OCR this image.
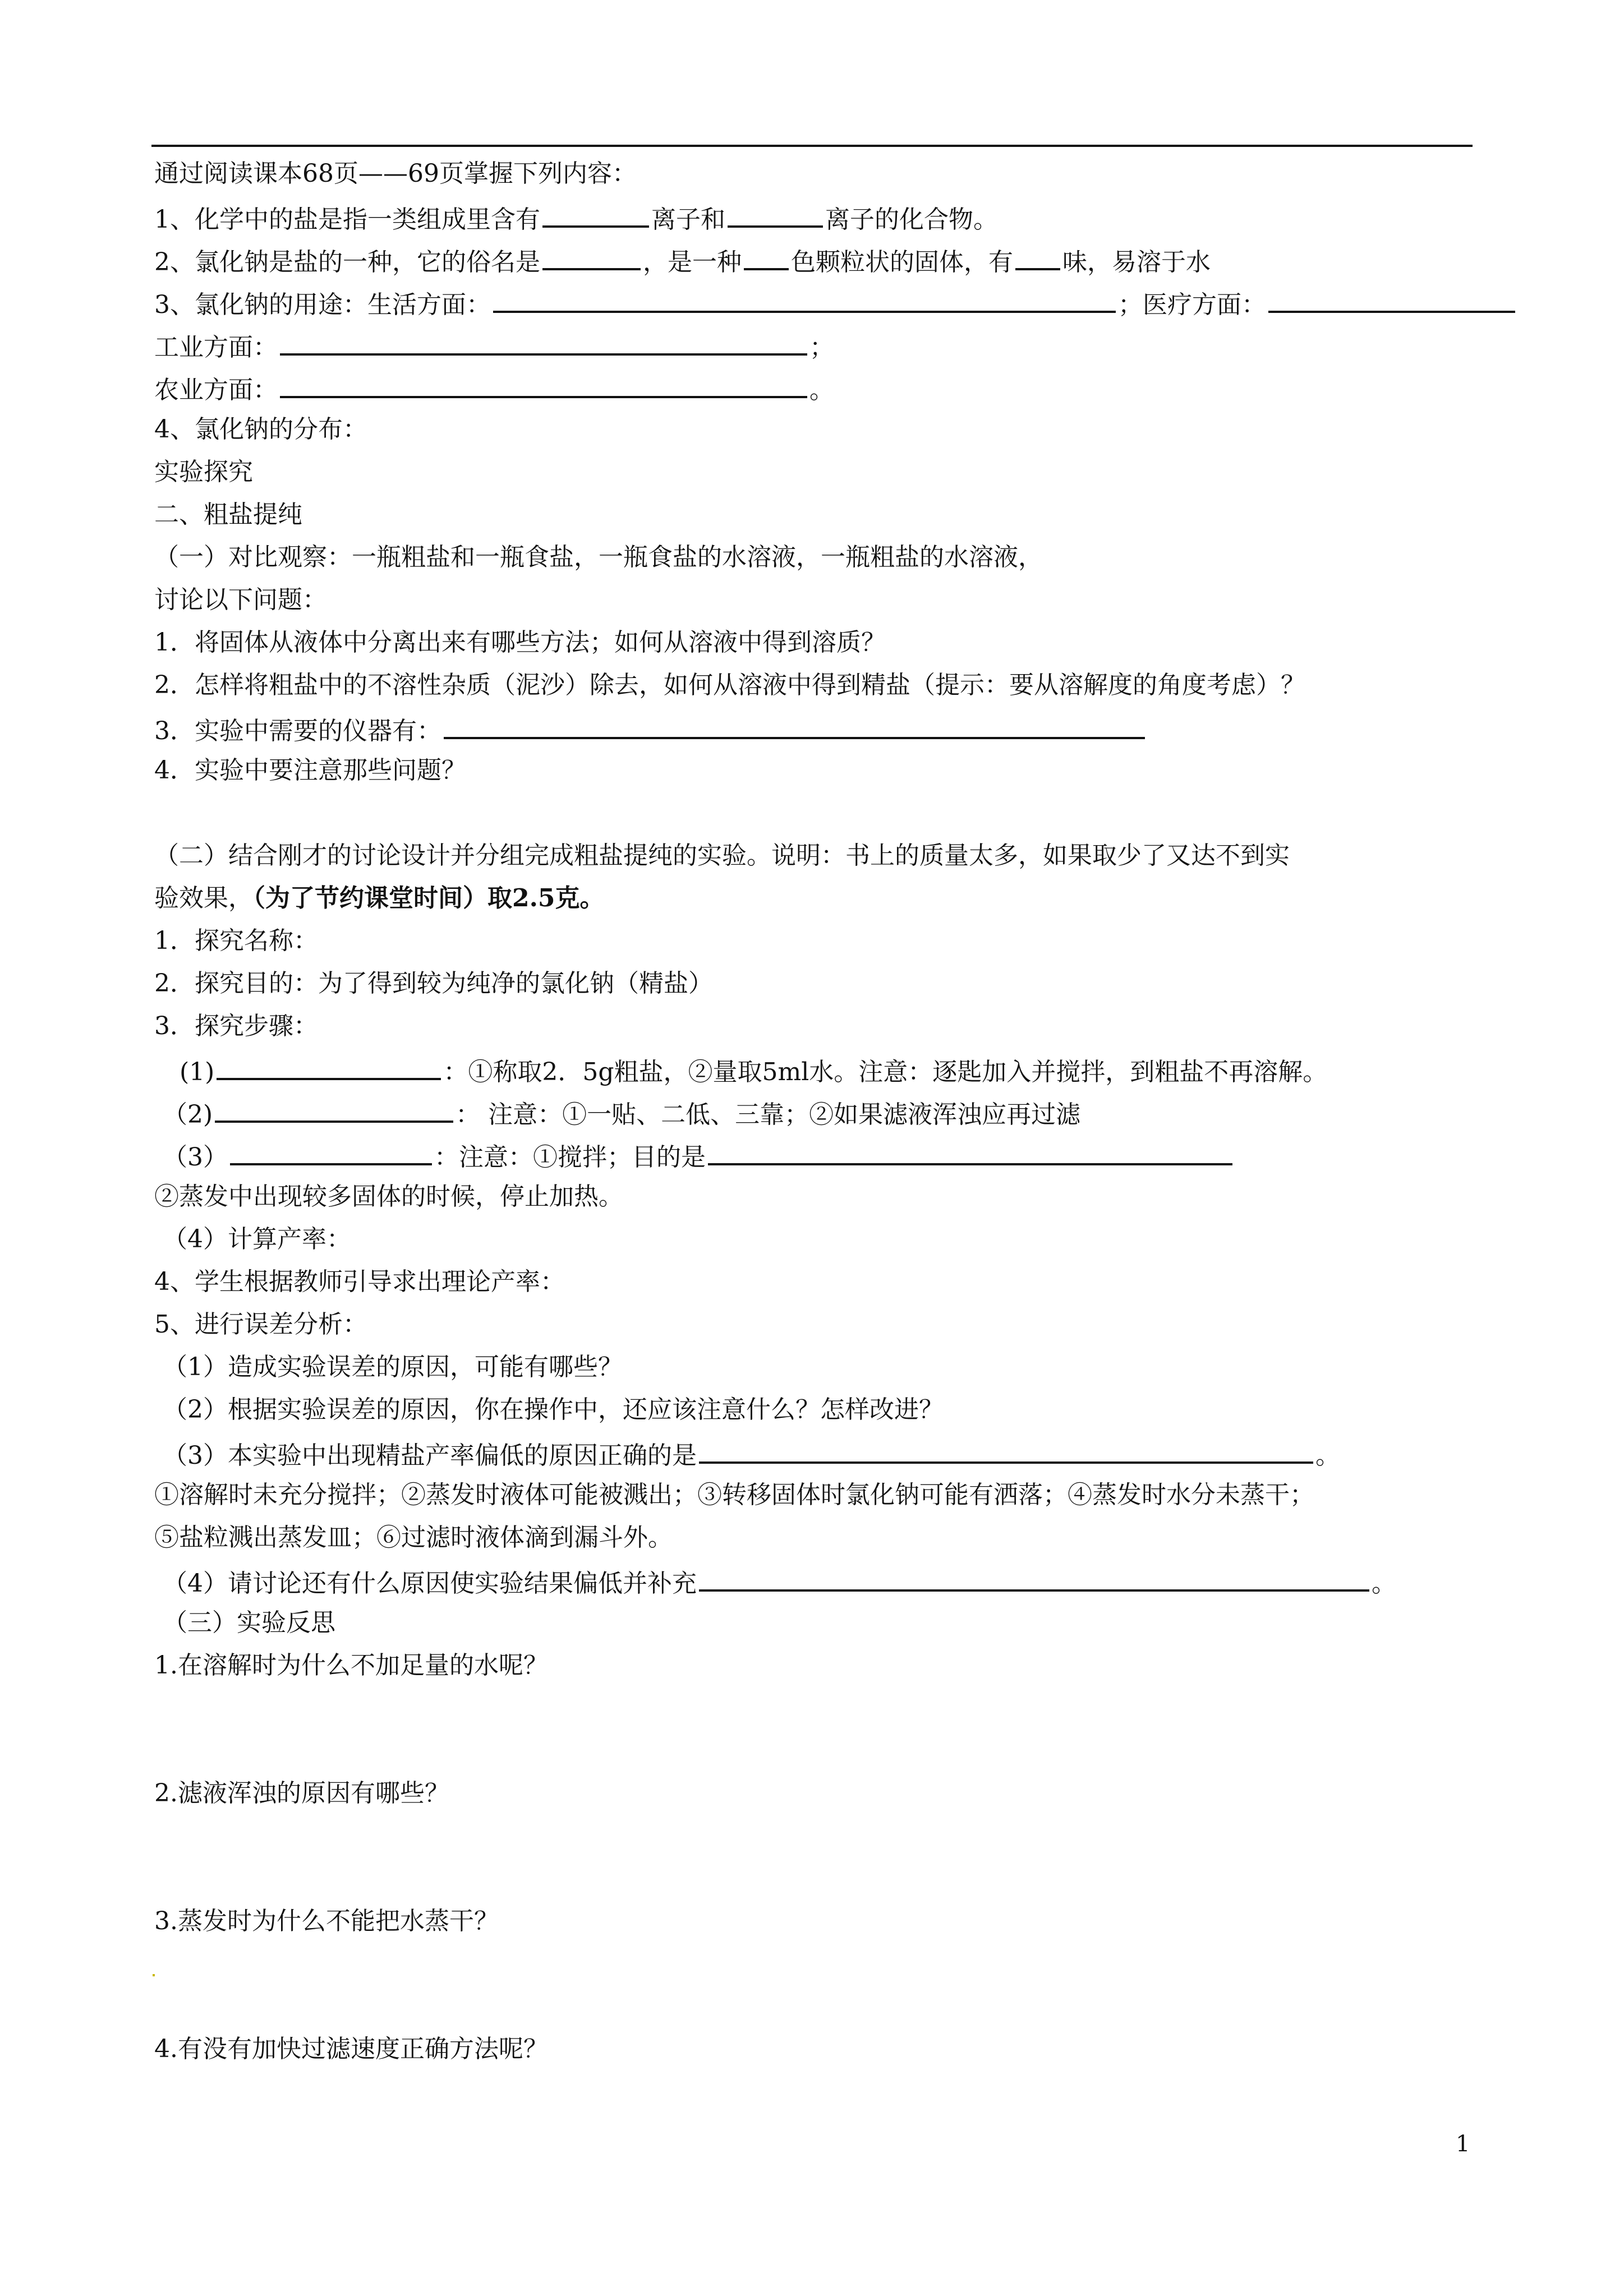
通过阅读课本68页——69页掌握下列内容：
1、化学中的盐是指一类组成里含有	离子和	离子的化合物。
2、氯化钠是盐的一种，它的俗名是	，是一种 色颗粒状的固体，有 味，易溶于水
3、氯化钠的用途：生活方面：	；医疗方面：
工业方面：	；
农业方面：	。
4、氯化钠的分布：
实验探究
二、粗盐提纯
（一）对比观察：一瓶粗盐和一瓶食盐，一瓶食盐的水溶液，一瓶粗盐的水溶液，
讨论以下问题：
1．将固体从液体中分离出来有哪些方法；如何从溶液中得到溶质？
2．怎样将粗盐中的不溶性杂质（泥沙）除去，如何从溶液中得到精盐（提示：要从溶解度的角度考虑）？
3．实验中需要的仪器有：
4．实验中要注意那些问题？
（二）结合刚才的讨论设计并分组完成粗盐提纯的实验。说明：书上的质量太多，如果取少了又达不到实
验效果，（为了节约课堂时间）取2.5克。
1．探究名称：
2．探究目的：为了得到较为纯净的氯化钠（精盐）
3．探究步骤：
(1)	：①称取2．5g粗盐，②量取5ml水。注意：逐匙加入并搅拌，到粗盐不再溶解。
（2)	： 注意：①一贴、二低、三靠；②如果滤液浑浊应再过滤
（3）	：注意：①搅拌；目的是
②蒸发中出现较多固体的时候，停止加热。
（4）计算产率：
4、学生根据教师引导求出理论产率：
5、进行误差分析：
（1）造成实验误差的原因，可能有哪些？
（2）根据实验误差的原因，你在操作中，还应该注意什么？怎样改进？
（3）本实验中出现精盐产率偏低的原因正确的是	。
①溶解时未充分搅拌；②蒸发时液体可能被溅出；③转移固体时氯化钠可能有洒落；④蒸发时水分未蒸干；
⑤盐粒溅出蒸发皿；⑥过滤时液体滴到漏斗外。
（4）请讨论还有什么原因使实验结果偏低并补充	。
（三）实验反思
1.在溶解时为什么不加足量的水呢？
2.滤液浑浊的原因有哪些？
3.蒸发时为什么不能把水蒸干？
4.有没有加快过滤速度正确方法呢？
1
